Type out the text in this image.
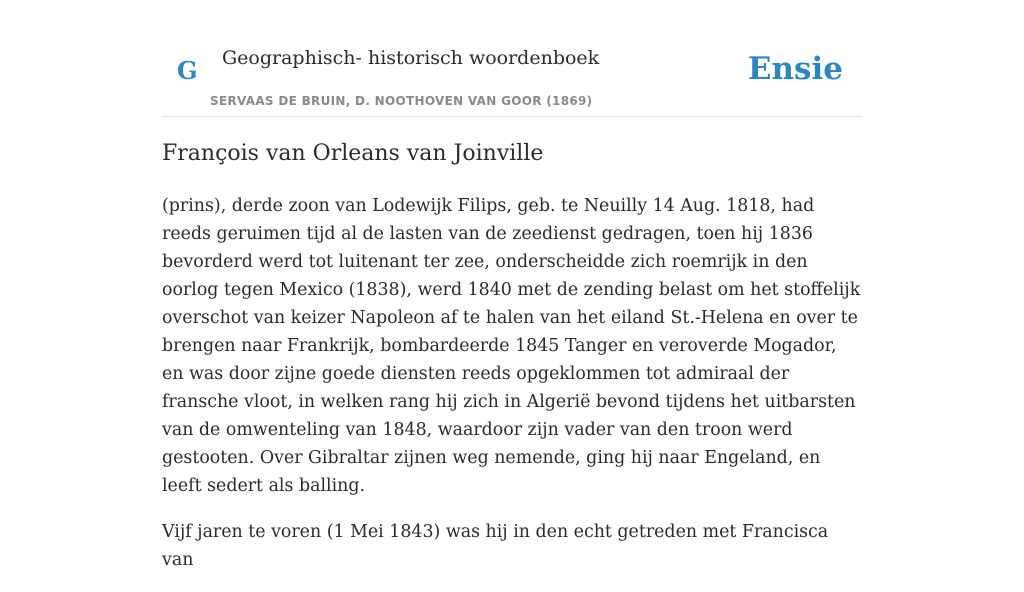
G Geographisch- historisch woordenboek
SERVAAS DE BRUIN, D. NOOTHOVEN VAN GOOR (1869)
Ensie
François van Orleans van Joinville

(prins), derde zoon van Lodewijk Filips, geb. te Neuilly 14 Aug. 1818, had reeds geruimen tijd al de lasten van de zeedienst gedragen, toen hij 1836 bevorderd werd tot luitenant ter zee, onderscheidde zich roemrijk in den oorlog tegen Mexico (1838), werd 1840 met de zending belast om het stoffelijk overschot van keizer Napoleon af te halen van het eiland St.-Helena en over te brengen naar Frankrijk, bombardeerde 1845 Tanger en veroverde Mogador, en was door zijne goede diensten reeds opgeklommen tot admiraal der fransche vloot, in welken rang hij zich in Algerië bevond tijdens het uitbarsten van de omwenteling van 1848, waardoor zijn vader van den troon werd gestooten. Over Gibraltar zijnen weg nemende, ging hij naar Engeland, en leeft sedert als balling.

Vijf jaren te voren (1 Mei 1843) was hij in den echt getreden met Francisca van
